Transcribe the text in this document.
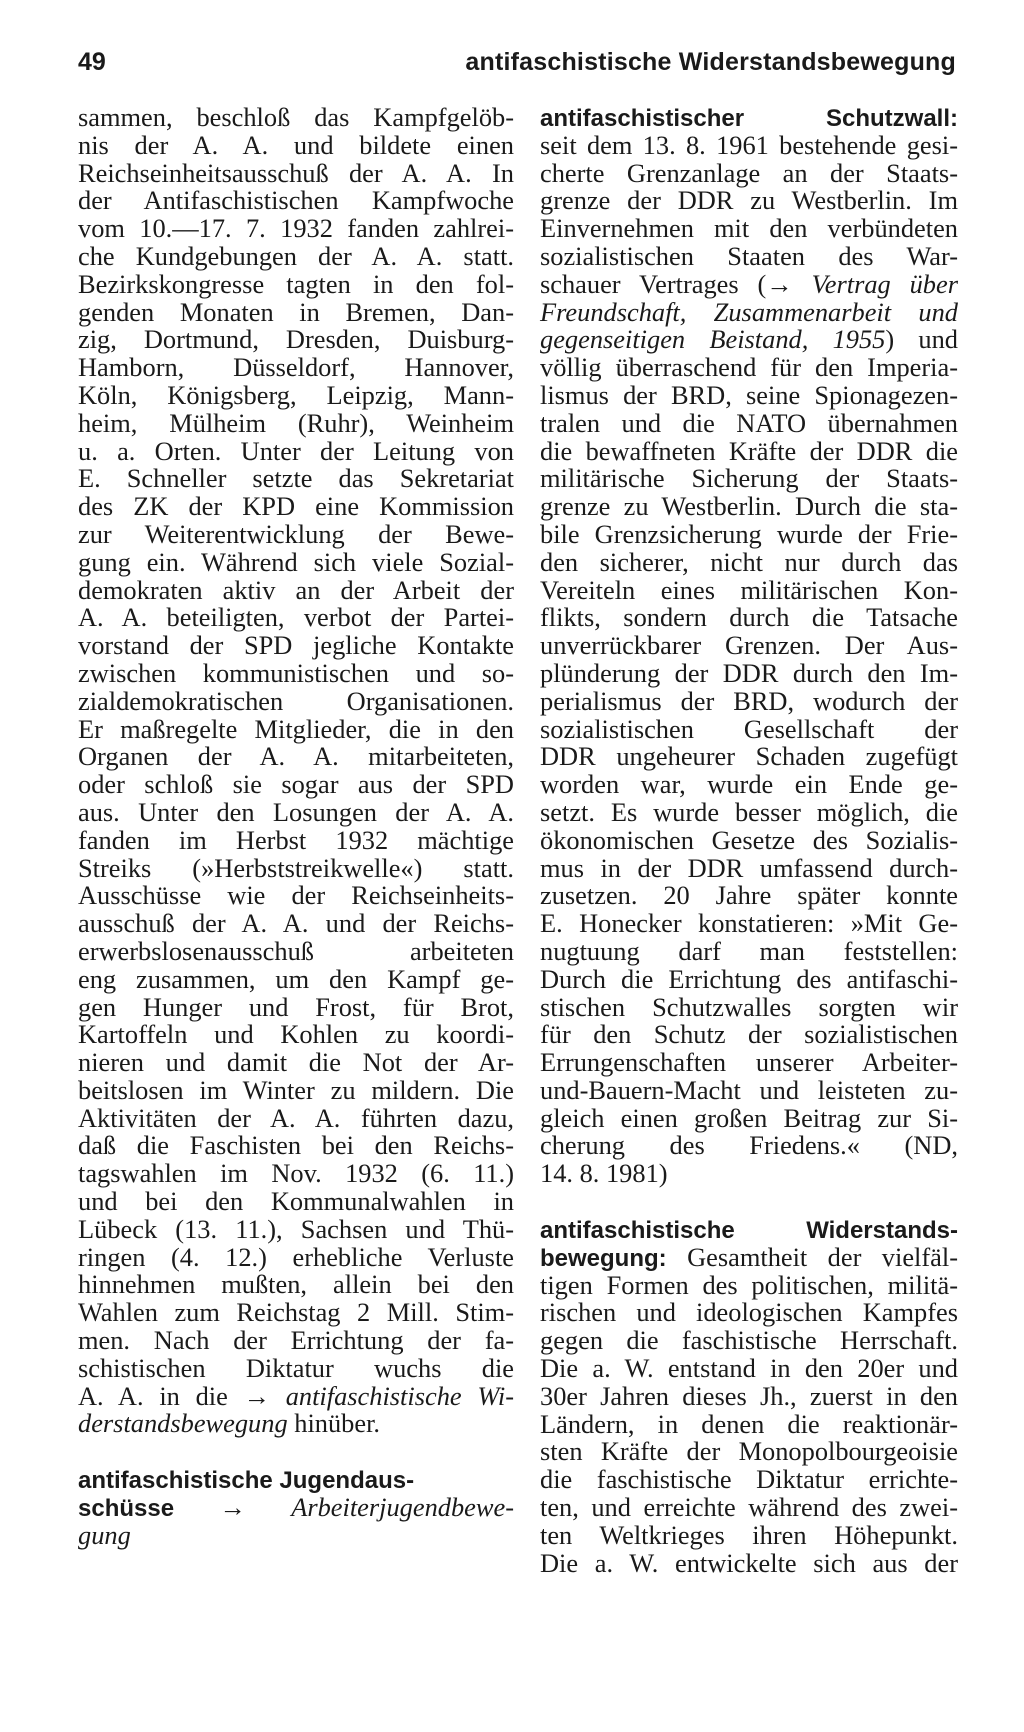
49	antifaschistische Widerstandsbewegung
sammen, beschloß das Kampfgelöb-
nis der A. A. und bildete einen
Reichseinheitsausschuß der A. A. In
der Antifaschistischen Kampfwoche
vom 10.—17. 7. 1932 fanden zahlrei-
che Kundgebungen der A. A. statt.
Bezirkskongresse tagten in den fol-
genden Monaten in Bremen, Dan-
zig, Dortmund, Dresden, Duisburg-
Hamborn, Düsseldorf, Hannover,
Köln, Königsberg, Leipzig, Mann-
heim, Mülheim (Ruhr), Weinheim
u. a. Orten. Unter der Leitung von
E. Schneller setzte das Sekretariat
des ZK der KPD eine Kommission
zur Weiterentwicklung der Bewe-
gung ein. Während sich viele Sozial-
demokraten aktiv an der Arbeit der
A. A. beteiligten, verbot der Partei-
vorstand der SPD jegliche Kontakte
zwischen kommunistischen und so-
zialdemokratischen Organisationen.
Er maßregelte Mitglieder, die in den
Organen der A. A. mitarbeiteten,
oder schloß sie sogar aus der SPD
aus. Unter den Losungen der A. A.
fanden im Herbst 1932 mächtige
Streiks (»Herbststreikwelle«) statt.
Ausschüsse wie der Reichseinheits-
ausschuß der A. A. und der Reichs-
erwerbslosenausschuß arbeiteten
eng zusammen, um den Kampf ge-
gen Hunger und Frost, für Brot,
Kartoffeln und Kohlen zu koordi-
nieren und damit die Not der Ar-
beitslosen im Winter zu mildern. Die
Aktivitäten der A. A. führten dazu,
daß die Faschisten bei den Reichs-
tagswahlen im Nov. 1932 (6. 11.)
und bei den Kommunalwahlen in
Lübeck (13. 11.), Sachsen und Thü-
ringen (4. 12.) erhebliche Verluste
hinnehmen mußten, allein bei den
Wahlen zum Reichstag 2 Mill. Stim-
men. Nach der Errichtung der fa-
schistischen Diktatur wuchs die
A. A. in die → antifaschistische Wi-
derstandsbewegung hinüber.
antifaschistische Jugendaus-
schüsse → Arbeiterjugendbewe-
gung
antifaschistischer Schutzwall:
seit dem 13. 8. 1961 bestehende gesi-
cherte Grenzanlage an der Staats-
grenze der DDR zu Westberlin. Im
Einvernehmen mit den verbündeten
sozialistischen Staaten des War-
schauer Vertrages (→ Vertrag über
Freundschaft, Zusammenarbeit und
gegenseitigen Beistand, 1955) und
völlig überraschend für den Imperia-
lismus der BRD, seine Spionagezen-
tralen und die NATO übernahmen
die bewaffneten Kräfte der DDR die
militärische Sicherung der Staats-
grenze zu Westberlin. Durch die sta-
bile Grenzsicherung wurde der Frie-
den sicherer, nicht nur durch das
Vereiteln eines militärischen Kon-
flikts, sondern durch die Tatsache
unverrückbarer Grenzen. Der Aus-
plünderung der DDR durch den Im-
perialismus der BRD, wodurch der
sozialistischen Gesellschaft der
DDR ungeheurer Schaden zugefügt
worden war, wurde ein Ende ge-
setzt. Es wurde besser möglich, die
ökonomischen Gesetze des Sozialis-
mus in der DDR umfassend durch-
zusetzen. 20 Jahre später konnte
E. Honecker konstatieren: »Mit Ge-
nugtuung darf man feststellen:
Durch die Errichtung des antifaschi-
stischen Schutzwalles sorgten wir
für den Schutz der sozialistischen
Errungenschaften unserer Arbeiter-
und-Bauern-Macht und leisteten zu-
gleich einen großen Beitrag zur Si-
cherung des Friedens.« (ND,
14. 8. 1981)
antifaschistische Widerstands-
bewegung: Gesamtheit der vielfäl-
tigen Formen des politischen, militä-
rischen und ideologischen Kampfes
gegen die faschistische Herrschaft.
Die a. W. entstand in den 20er und
30er Jahren dieses Jh., zuerst in den
Ländern, in denen die reaktionär-
sten Kräfte der Monopolbourgeoisie
die faschistische Diktatur errichte-
ten, und erreichte während des zwei-
ten Weltkrieges ihren Höhepunkt.
Die a. W. entwickelte sich aus der
